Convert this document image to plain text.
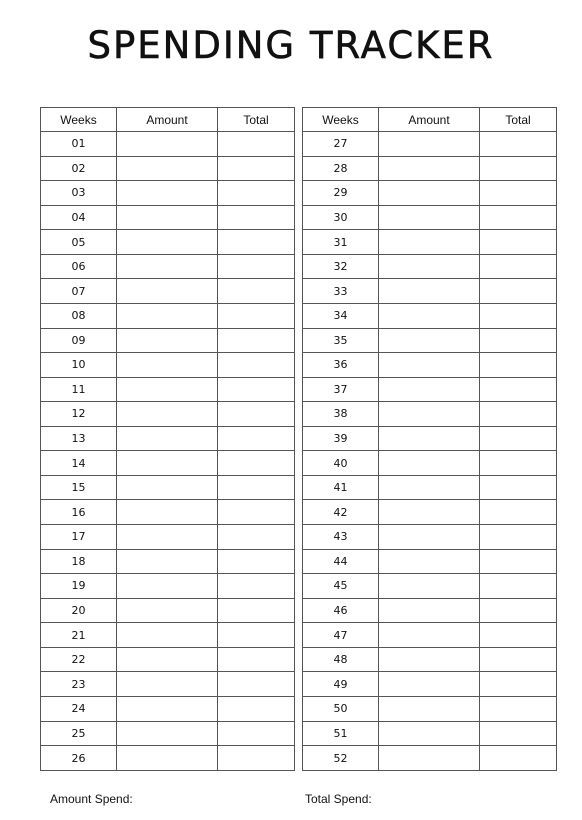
SPENDING TRACKER
Weeks	Amount	Total
01		
02		
03		
04		
05		
06		
07		
08		
09		
10		
11		
12		
13		
14		
15		
16		
17		
18		
19		
20		
21		
22		
23		
24		
25		
26		
Weeks	Amount	Total
27		
28		
29		
30		
31		
32		
33		
34		
35		
36		
37		
38		
39		
40		
41		
42		
43		
44		
45		
46		
47		
48		
49		
50		
51		
52		
Amount Spend:	Total Spend:
